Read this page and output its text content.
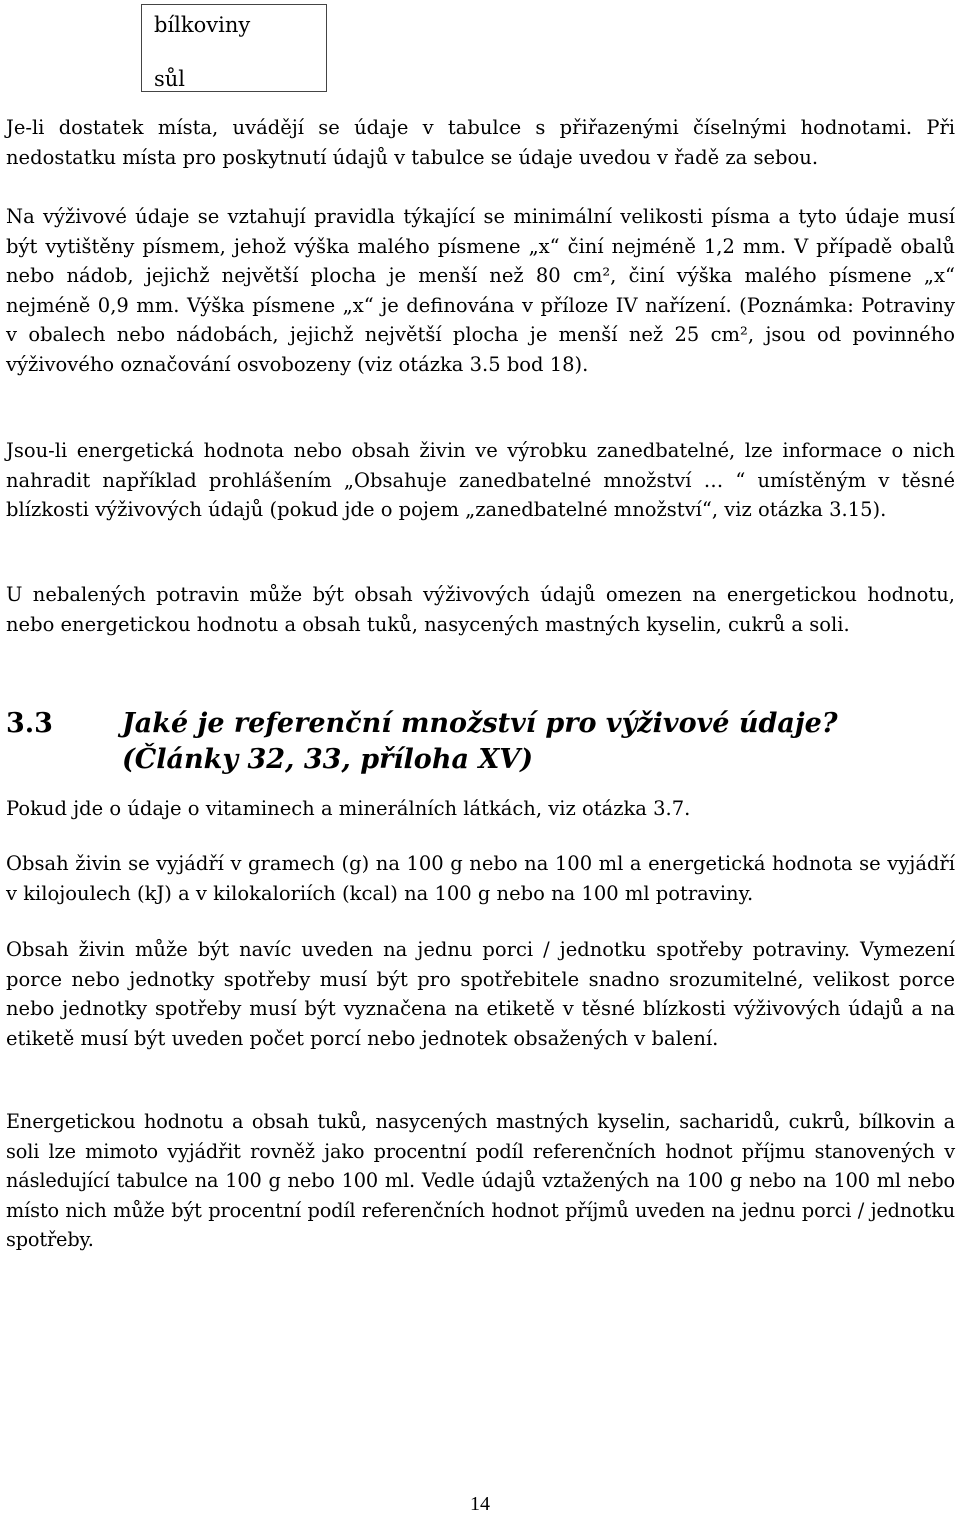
bílkoviny
sůl

Je-li dostatek místa, uvádějí se údaje v tabulce s přiřazenými číselnými hodnotami. Při nedostatku místa pro poskytnutí údajů v tabulce se údaje uvedou v řadě za sebou.

Na výživové údaje se vztahují pravidla týkající se minimální velikosti písma a tyto údaje musí být vytištěny písmem, jehož výška malého písmene „x“ činí nejméně 1,2 mm. V případě obalů nebo nádob, jejichž největší plocha je menší než 80 cm², činí výška malého písmene „x“ nejméně 0,9 mm. Výška písmene „x“ je definována v příloze IV nařízení. (Poznámka: Potraviny v obalech nebo nádobách, jejichž největší plocha je menší než 25 cm², jsou od povinného výživového označování osvobozeny (viz otázka 3.5 bod 18).

Jsou-li energetická hodnota nebo obsah živin ve výrobku zanedbatelné, lze informace o nich nahradit například prohlášením „Obsahuje zanedbatelné množství … “ umístěným v těsné blízkosti výživových údajů (pokud jde o pojem „zanedbatelné množství“, viz otázka 3.15).

U nebalených potravin může být obsah výživových údajů omezen na energetickou hodnotu, nebo energetickou hodnotu a obsah tuků, nasycených mastných kyselin, cukrů a soli.

3.3	Jaké je referenční množství pro výživové údaje? (Články 32, 33, příloha XV)

Pokud jde o údaje o vitaminech a minerálních látkách, viz otázka 3.7.

Obsah živin se vyjádří v gramech (g) na 100 g nebo na 100 ml a energetická hodnota se vyjádří v kilojoulech (kJ) a v kilokaloriích (kcal) na 100 g nebo na 100 ml potraviny.

Obsah živin může být navíc uveden na jednu porci / jednotku spotřeby potraviny. Vymezení porce nebo jednotky spotřeby musí být pro spotřebitele snadno srozumitelné, velikost porce nebo jednotky spotřeby musí být vyznačena na etiketě v těsné blízkosti výživových údajů a na etiketě musí být uveden počet porcí nebo jednotek obsažených v balení.

Energetickou hodnotu a obsah tuků, nasycených mastných kyselin, sacharidů, cukrů, bílkovin a soli lze mimoto vyjádřit rovněž jako procentní podíl referenčních hodnot příjmu stanovených v následující tabulce na 100 g nebo 100 ml. Vedle údajů vztažených na 100 g nebo na 100 ml nebo místo nich může být procentní podíl referenčních hodnot příjmů uveden na jednu porci / jednotku spotřeby.

14
